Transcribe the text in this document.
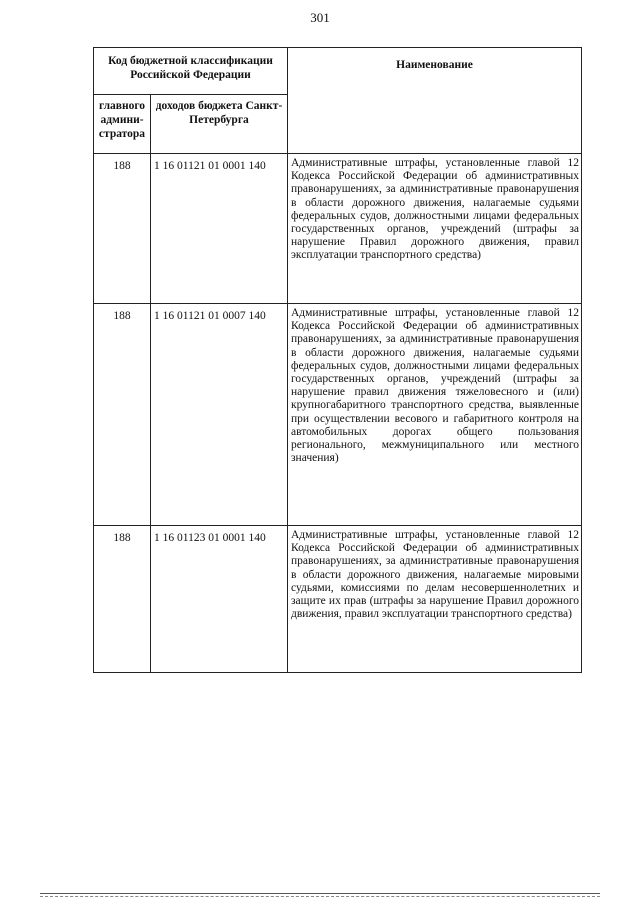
301
Код бюджетной классификации Российской Федерации		Наименование
главного админи-стратора	доходов бюджета Санкт-Петербурга	
188	1 16 01121 01 0001 140	Административные штрафы, установленные главой 12 Кодекса Российской Федерации об административных правонарушениях, за административные правонарушения в области дорожного движения, налагаемые судьями федеральных судов, должностными лицами федеральных государственных органов, учреждений (штрафы за нарушение Правил дорожного движения, правил эксплуатации транспортного средства)
188	1 16 01121 01 0007 140	Административные штрафы, установленные главой 12 Кодекса Российской Федерации об административных правонарушениях, за административные правонарушения в области дорожного движения, налагаемые судьями федеральных судов, должностными лицами федеральных государственных органов, учреждений (штрафы за нарушение правил движения тяжеловесного и (или) крупногабаритного транспортного средства, выявленные при осуществлении весового и габаритного контроля на автомобильных дорогах общего пользования регионального, межмуниципального или местного значения)
188	1 16 01123 01 0001 140	Административные штрафы, установленные главой 12 Кодекса Российской Федерации об административных правонарушениях, за административные правонарушения в области дорожного движения, налагаемые мировыми судьями, комиссиями по делам несовершеннолетних и защите их прав (штрафы за нарушение Правил дорожного движения, правил эксплуатации транспортного средства)
